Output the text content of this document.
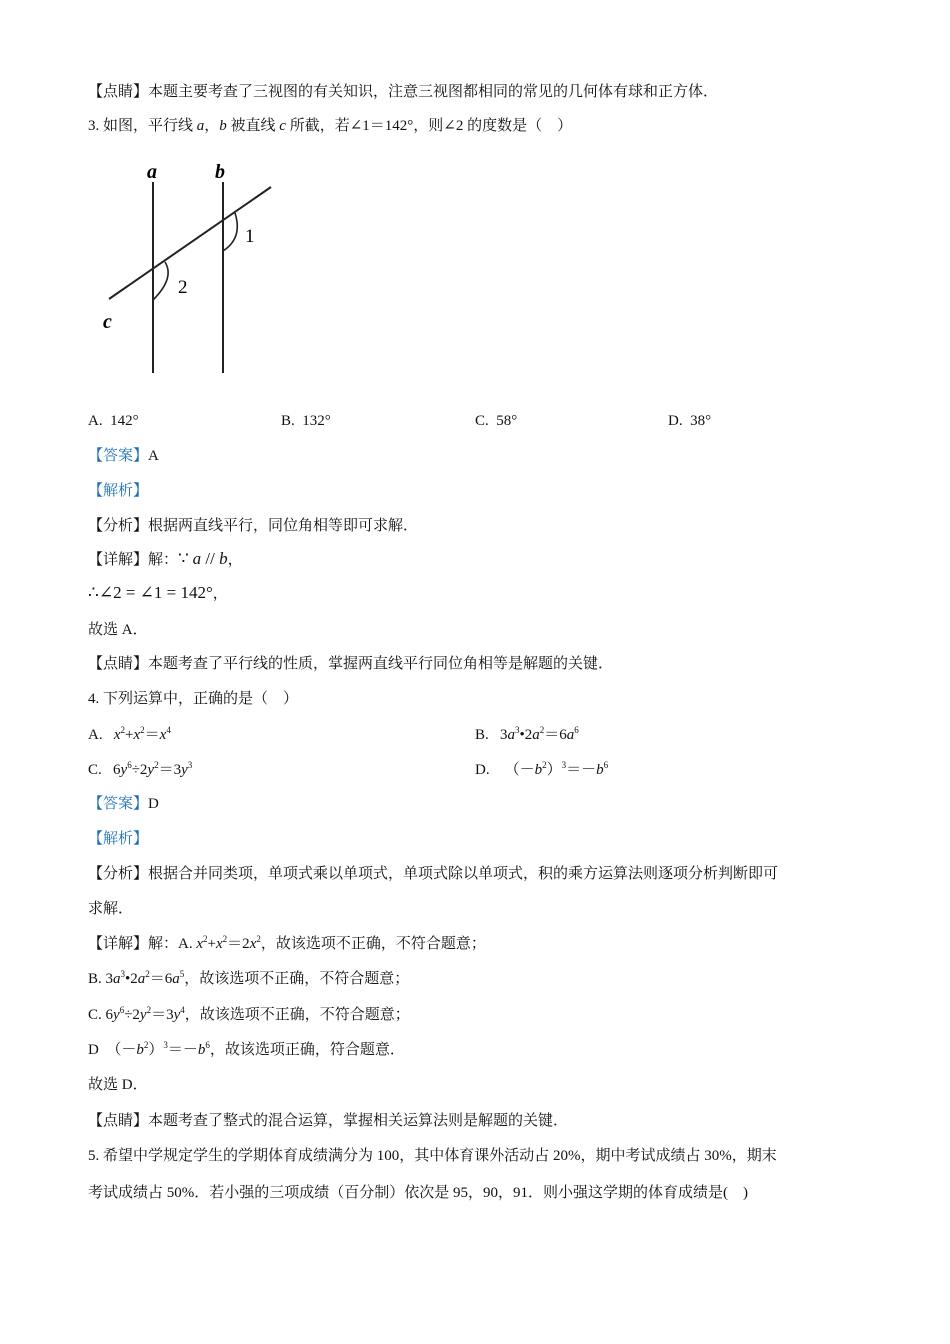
【点睛】本题主要考查了三视图的有关知识，注意三视图都相同的常见的几何体有球和正方体．
3. 如图，平行线 a，b 被直线 c 所截，若∠1＝142°，则∠2 的度数是（　）
a	b
c
1
2
A. 142°	B. 132°	C. 58°	D. 38°
【答案】A
【解析】
【分析】根据两直线平行，同位角相等即可求解．
【详解】解：∵ a // b，
∴∠2 = ∠1 = 142°，
故选 A．
【点睛】本题考查了平行线的性质，掌握两直线平行同位角相等是解题的关键．
4. 下列运算中，正确的是（　）
A.   $x^2+x^2=x^4$	B.   $3a^3•2a^2=6a^6$
C.   $6y^6\div 2y^2=3y^3$	D.    $(-b^2)^3=-b^6$
【答案】D
【解析】
【分析】根据合并同类项，单项式乘以单项式，单项式除以单项式，积的乘方运算法则逐项分析判断即可
求解．
【详解】解：A. $x^2+x^2=2x^2$，故该选项不正确，不符合题意；
B. $3a^3•2a^2=6a^5$，故该选项不正确，不符合题意；
C. $6y^6\div 2y^2=3y^4$，故该选项不正确，不符合题意；
D  $(-b^2)^3=-b^6$，故该选项正确，符合题意．
故选 D．
【点睛】本题考查了整式的混合运算，掌握相关运算法则是解题的关键．
5. 希望中学规定学生的学期体育成绩满分为 100，其中体育课外活动占 20%，期中考试成绩占 30%，期末
考试成绩占 50%．若小强的三项成绩（百分制）依次是 95，90，91．则小强这学期的体育成绩是(　)
